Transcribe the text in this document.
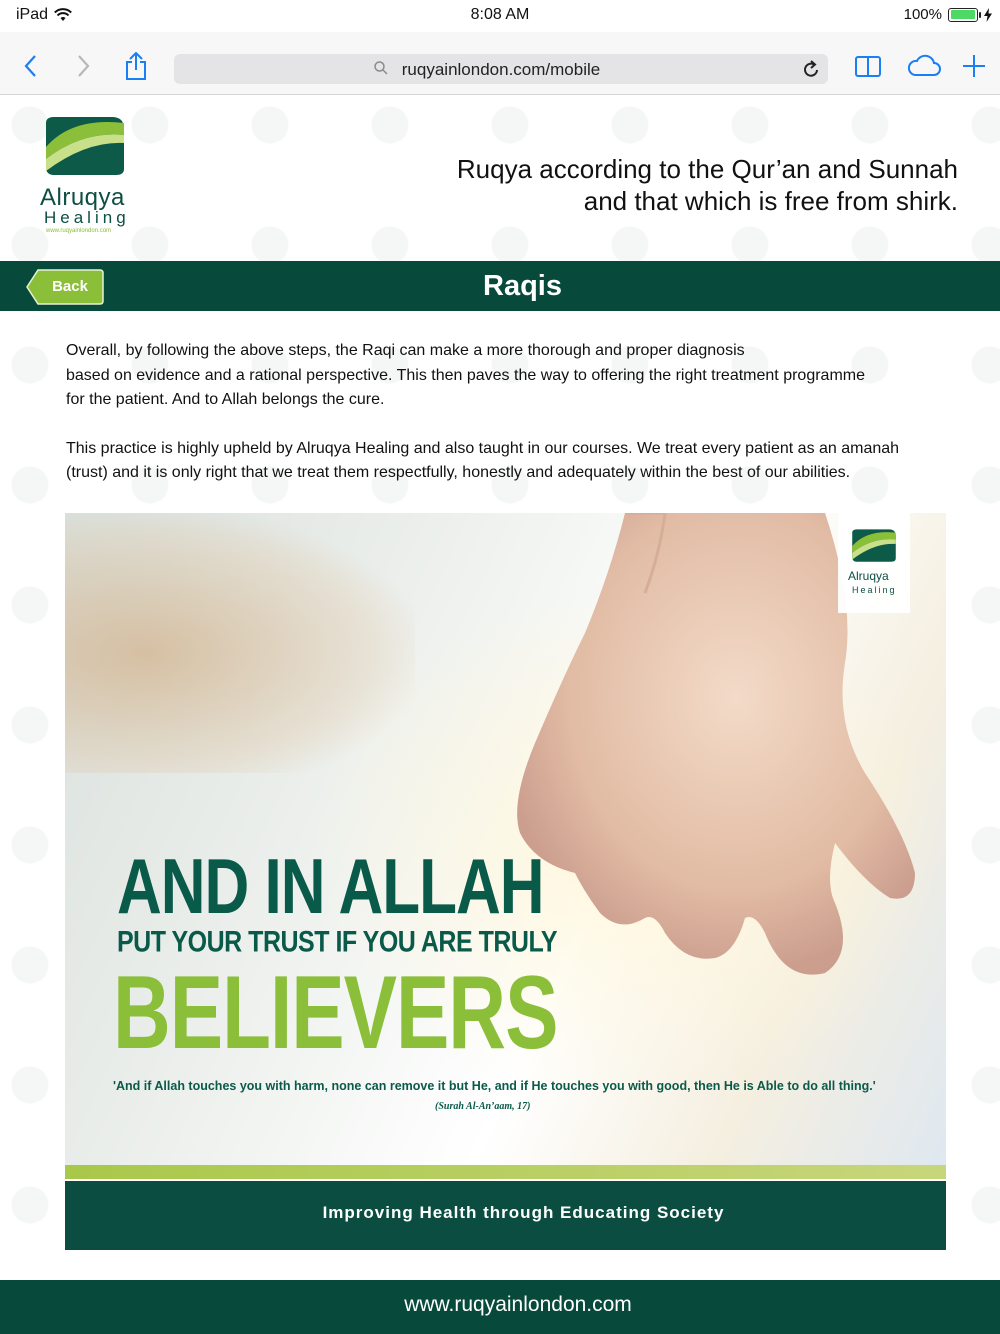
iPad	8:08 AM	100%
ruqyainlondon.com/mobile
Alruqya
Healing
www.ruqyainlondon.com
Ruqya according to the Qur’an and Sunnah
and that which is free from shirk.
Back	Raqis

Overall, by following the above steps, the Raqi can make a more thorough and proper diagnosis
based on evidence and a rational perspective. This then paves the way to offering the right treatment programme
for the patient. And to Allah belongs the cure.

This practice is highly upheld by Alruqya Healing and also taught in our courses. We treat every patient as an amanah
(trust) and it is only right that we treat them respectfully, honestly and adequately within the best of our abilities.

Alruqya
Healing
AND IN ALLAH
PUT YOUR TRUST IF YOU ARE TRULY
BELIEVERS
'And if Allah touches you with harm, none can remove it but He, and if He touches you with good, then He is Able to do all thing.'
(Surah Al-An’aam, 17)
Improving Health through Educating Society
www.ruqyainlondon.com
